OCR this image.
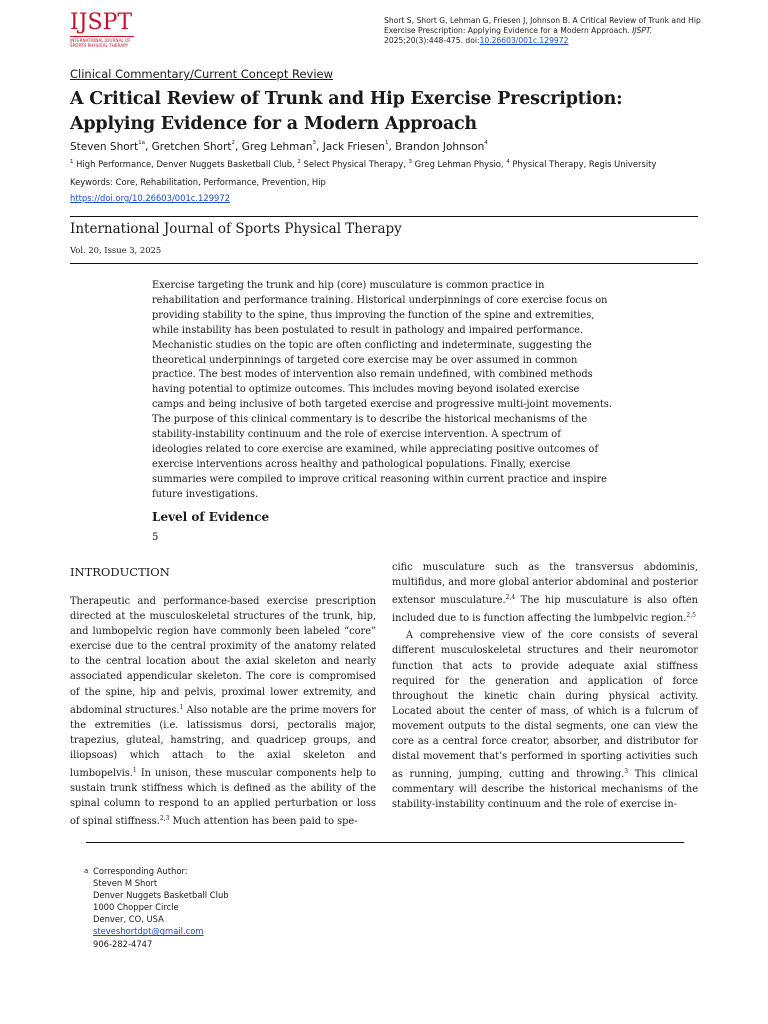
IJSPT
INTERNATIONAL JOURNAL OF SPORTS PHYSICAL THERAPY
Short S, Short G, Lehman G, Friesen J, Johnson B. A Critical Review of Trunk and Hip Exercise Prescription: Applying Evidence for a Modern Approach. IJSPT. 2025;20(3):448-475. doi:10.26603/001c.129972
Clinical Commentary/Current Concept Review
A Critical Review of Trunk and Hip Exercise Prescription: Applying Evidence for a Modern Approach
Steven Short$^{1a}$, Gretchen Short$^2$, Greg Lehman$^3$, Jack Friesen$^1$, Brandon Johnson$^4$
$^1$ High Performance, Denver Nuggets Basketball Club, $^2$ Select Physical Therapy, $^3$ Greg Lehman Physio, $^4$ Physical Therapy, Regis University
Keywords: Core, Rehabilitation, Performance, Prevention, Hip
https://doi.org/10.26603/001c.129972
International Journal of Sports Physical Therapy
Vol. 20, Issue 3, 2025

Exercise targeting the trunk and hip (core) musculature is common practice in rehabilitation and performance training. Historical underpinnings of core exercise focus on providing stability to the spine, thus improving the function of the spine and extremities, while instability has been postulated to result in pathology and impaired performance. Mechanistic studies on the topic are often conflicting and indeterminate, suggesting the theoretical underpinnings of targeted core exercise may be over assumed in common practice. The best modes of intervention also remain undefined, with combined methods having potential to optimize outcomes. This includes moving beyond isolated exercise camps and being inclusive of both targeted exercise and progressive multi-joint movements. The purpose of this clinical commentary is to describe the historical mechanisms of the stability-instability continuum and the role of exercise intervention. A spectrum of ideologies related to core exercise are examined, while appreciating positive outcomes of exercise interventions across healthy and pathological populations. Finally, exercise summaries were compiled to improve critical reasoning within current practice and inspire future investigations.

Level of Evidence
5
INTRODUCTION

Therapeutic and performance-based exercise prescription directed at the musculoskeletal structures of the trunk, hip, and lumbopelvic region have commonly been labeled “core” exercise due to the central proximity of the anatomy related to the central location about the axial skeleton and nearly associated appendicular skeleton. The core is compromised of the spine, hip and pelvis, proximal lower extremity, and abdominal structures.$^1$ Also notable are the prime movers for the extremities (i.e. latissismus dorsi, pectoralis major, trapezius, gluteal, hamstring, and quadricep groups, and iliopsoas) which attach to the axial skeleton and lumbopelvis.$^1$ In unison, these muscular components help to sustain trunk stiffness which is defined as the ability of the spinal column to respond to an applied perturbation or loss of spinal stiffness.$^{2,3}$ Much attention has been paid to spe-

cific musculature such as the transversus abdominis, multifidus, and more global anterior abdominal and posterior extensor musculature.$^{2,4}$ The hip musculature is also often included due to is function affecting the lumbpelvic region.$^{2,5}$

A comprehensive view of the core consists of several different musculoskeletal structures and their neuromotor function that acts to provide adequate axial stiffness required for the generation and application of force throughout the kinetic chain during physical activity. Located about the center of mass, of which is a fulcrum of movement outputs to the distal segments, one can view the core as a central force creator, absorber, and distributor for distal movement that’s performed in sporting activities such as running, jumping, cutting and throwing.$^3$ This clinical commentary will describe the historical mechanisms of the stability-instability continuum and the role of exercise in-

a Corresponding Author:
Steven M Short
Denver Nuggets Basketball Club
1000 Chopper Circle
Denver, CO, USA
steveshortdpt@gmail.com
906-282-4747
